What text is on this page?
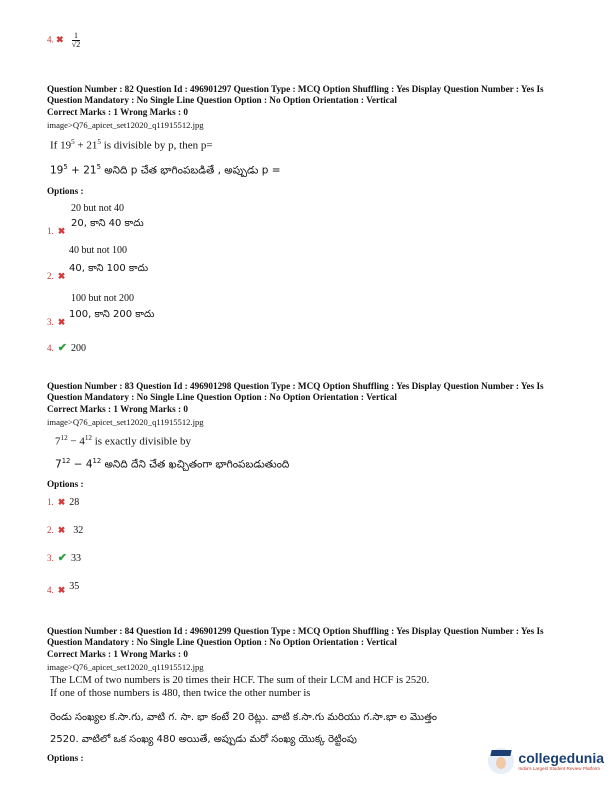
4. ✖ $\frac{1}{√2}$
Question Number : 82 Question Id : 496901297 Question Type : MCQ Option Shuffling : Yes Display Question Number : Yes Is
Question Mandatory : No Single Line Question Option : No Option Orientation : Vertical
Correct Marks : 1 Wrong Marks : 0
image>Q76_apicet_set12020_q11915512.jpg
If $19^5 + 21^5$ is divisible by p, then p=
$19^5 + 21^5$ అనిది p చేత భాగింపబడితే , అప్పుడు p =
Options :
20 but not 40
1. ✖
20, కాని 40 కాదు
40 but not 100
2. ✖
40, కాని 100 కాదు
100 but not 200
3. ✖
100, కాని 200 కాదు
4. ✔ 200
Question Number : 83 Question Id : 496901298 Question Type : MCQ Option Shuffling : Yes Display Question Number : Yes Is
Question Mandatory : No Single Line Question Option : No Option Orientation : Vertical
Correct Marks : 1 Wrong Marks : 0
image>Q76_apicet_set12020_q11915512.jpg
$7^{12} - 4^{12}$ is exactly divisible by
$7^{12} - 4^{12}$ అనిది దేని చేత ఖచ్చితంగా భాగింపబడుతుంది
Options :
1. ✖ 28
2. ✖ 32
3. ✔ 33
4. ✖ $^{35}$
Question Number : 84 Question Id : 496901299 Question Type : MCQ Option Shuffling : Yes Display Question Number : Yes Is
Question Mandatory : No Single Line Question Option : No Option Orientation : Vertical
Correct Marks : 1 Wrong Marks : 0
image>Q76_apicet_set12020_q11915512.jpg
The LCM of two numbers is 20 times their HCF. The sum of their LCM and HCF is 2520.
If one of those numbers is 480, then twice the other number is
రెండు సంఖ్యల క.సా.గు, వాటి గ. సా. భా కంటే 20 రెట్లు. వాటి క.సా.గు మరియు గ.సా.భా ల మొత్తం
2520. వాటిలో ఒక సంఖ్య 480 అయితే, అప్పుడు మరో సంఖ్య యొక్క రెట్టింపు
Options :	collegedunia
India's Largest Student Review Platform
